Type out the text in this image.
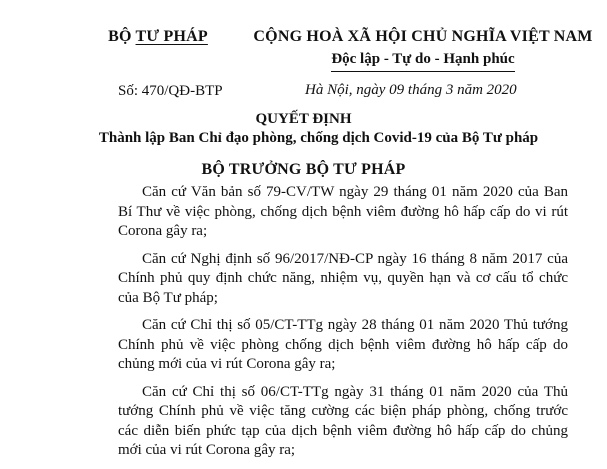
BỘ TƯ PHÁP	CỘNG HOÀ XÃ HỘI CHỦ NGHĨA VIỆT NAM
Độc lập - Tự do - Hạnh phúc
Số: 470/QĐ-BTP	Hà Nội, ngày 09 tháng 3 năm 2020
QUYẾT ĐỊNH
Thành lập Ban Chỉ đạo phòng, chống dịch Covid-19 của Bộ Tư pháp
BỘ TRƯỞNG BỘ TƯ PHÁP

Căn cứ Văn bản số 79-CV/TW ngày 29 tháng 01 năm 2020 của Ban Bí Thư về việc phòng, chống dịch bệnh viêm đường hô hấp cấp do vi rút Corona gây ra;

Căn cứ Nghị định số 96/2017/NĐ-CP ngày 16 tháng 8 năm 2017 của Chính phủ quy định chức năng, nhiệm vụ, quyền hạn và cơ cấu tổ chức của Bộ Tư pháp;

Căn cứ Chỉ thị số 05/CT-TTg ngày 28 tháng 01 năm 2020 Thủ tướng Chính phủ về việc phòng chống dịch bệnh viêm đường hô hấp cấp do chủng mới của vi rút Corona gây ra;

Căn cứ Chỉ thị số 06/CT-TTg ngày 31 tháng 01 năm 2020 của Thủ tướng Chính phủ về việc tăng cường các biện pháp phòng, chống trước các diễn biến phức tạp của dịch bệnh viêm đường hô hấp cấp do chủng mới của vi rút Corona gây ra;
